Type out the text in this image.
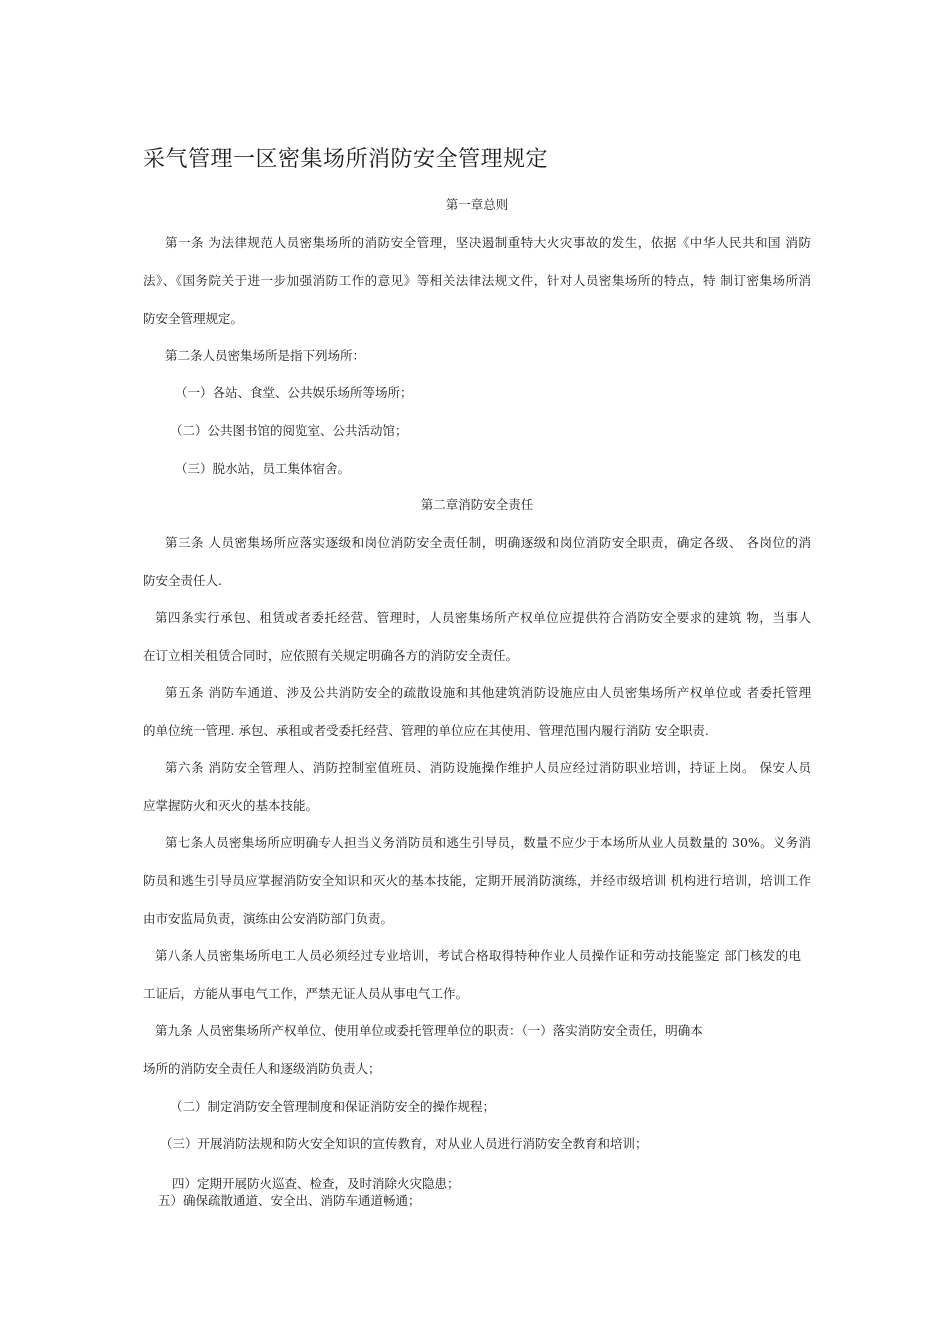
采气管理一区密集场所消防安全管理规定
第一章总则
第一条 为法律规范人员密集场所的消防安全管理，坚决遏制重特大火灾事故的发生，依据《中华人民共和国 消防
法》、《国务院关于进一步加强消防工作的意见》等相关法律法规文件，针对人员密集场所的特点，特 制订密集场所消
防安全管理规定。
第二条人员密集场所是指下列场所：
（一）各站、食堂、公共娱乐场所等场所；
（二）公共图书馆的阅览室、公共活动馆；
（三）脱水站，员工集体宿舍。
第二章消防安全责任
第三条 人员密集场所应落实逐级和岗位消防安全责任制，明确逐级和岗位消防安全职责，确定各级、 各岗位的消
防安全责任人.
第四条实行承包、租赁或者委托经营、管理时，人员密集场所产权单位应提供符合消防安全要求的建筑 物，当事人
在订立相关租赁合同时，应依照有关规定明确各方的消防安全责任。
第五条 消防车通道、涉及公共消防安全的疏散设施和其他建筑消防设施应由人员密集场所产权单位或 者委托管理
的单位统一管理. 承包、承租或者受委托经营、管理的单位应在其使用、管理范围内履行消防 安全职责.
第六条 消防安全管理人、消防控制室值班员、消防设施操作维护人员应经过消防职业培训，持证上岗。 保安人员
应掌握防火和灭火的基本技能。
第七条人员密集场所应明确专人担当义务消防员和逃生引导员，数量不应少于本场所从业人员数量的 30%。义务消
防员和逃生引导员应掌握消防安全知识和灭火的基本技能，定期开展消防演练，并经市级培训 机构进行培训，培训工作
由市安监局负责，演练由公安消防部门负责。
第八条人员密集场所电工人员必须经过专业培训，考试合格取得特种作业人员操作证和劳动技能鉴定 部门核发的电
工证后，方能从事电气工作，严禁无证人员从事电气工作。
第九条 人员密集场所产权单位、使用单位或委托管理单位的职责：（一）落实消防安全责任，明确本
场所的消防安全责任人和逐级消防负责人；
（二）制定消防安全管理制度和保证消防安全的操作规程；
（三）开展消防法规和防火安全知识的宣传教育，对从业人员进行消防安全教育和培训；
四）定期开展防火巡查、检查，及时消除火灾隐患；
五）确保疏散通道、安全出、消防车通道畅通；
